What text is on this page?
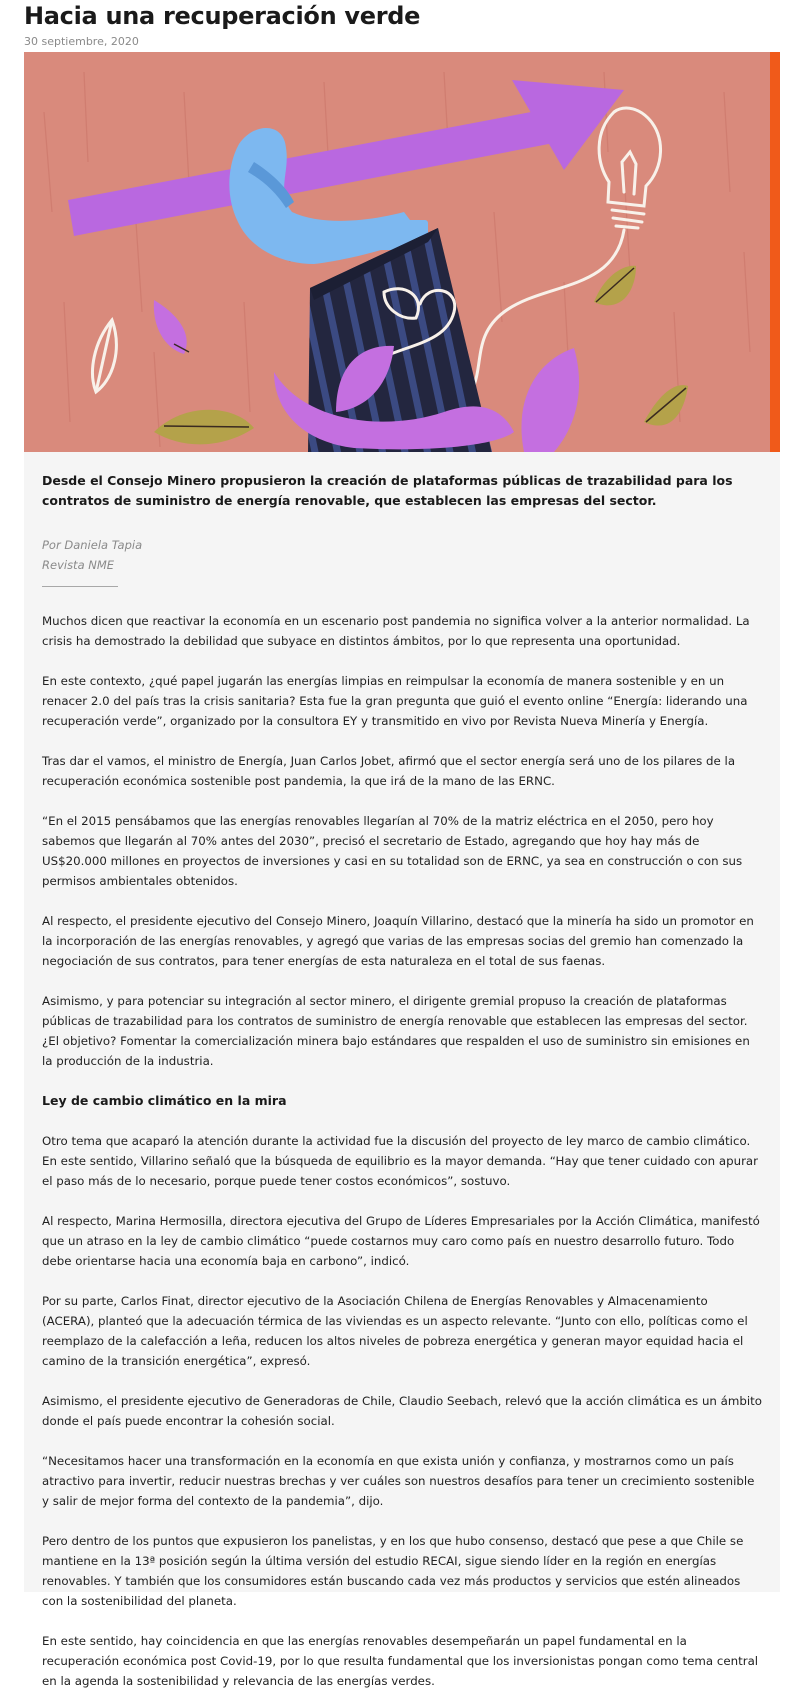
Hacia una recuperación verde
30 septiembre, 2020

Desde el Consejo Minero propusieron la creación de plataformas públicas de trazabilidad para los contratos de suministro de energía renovable, que establecen las empresas del sector.

Por Daniela Tapia
Revista NME

Muchos dicen que reactivar la economía en un escenario post pandemia no significa volver a la anterior normalidad. La crisis ha demostrado la debilidad que subyace en distintos ámbitos, por lo que representa una oportunidad.

En este contexto, ¿qué papel jugarán las energías limpias en reimpulsar la economía de manera sostenible y en un renacer 2.0 del país tras la crisis sanitaria? Esta fue la gran pregunta que guió el evento online “Energía: liderando una recuperación verde”, organizado por la consultora EY y transmitido en vivo por Revista Nueva Minería y Energía.

Tras dar el vamos, el ministro de Energía, Juan Carlos Jobet, afirmó que el sector energía será uno de los pilares de la recuperación económica sostenible post pandemia, la que irá de la mano de las ERNC.

“En el 2015 pensábamos que las energías renovables llegarían al 70% de la matriz eléctrica en el 2050, pero hoy sabemos que llegarán al 70% antes del 2030”, precisó el secretario de Estado, agregando que hoy hay más de US$20.000 millones en proyectos de inversiones y casi en su totalidad son de ERNC, ya sea en construcción o con sus permisos ambientales obtenidos.

Al respecto, el presidente ejecutivo del Consejo Minero, Joaquín Villarino, destacó que la minería ha sido un promotor en la incorporación de las energías renovables, y agregó que varias de las empresas socias del gremio han comenzado la negociación de sus contratos, para tener energías de esta naturaleza en el total de sus faenas.

Asimismo, y para potenciar su integración al sector minero, el dirigente gremial propuso la creación de plataformas públicas de trazabilidad para los contratos de suministro de energía renovable que establecen las empresas del sector. ¿El objetivo? Fomentar la comercialización minera bajo estándares que respalden el uso de suministro sin emisiones en la producción de la industria.

Ley de cambio climático en la mira

Otro tema que acaparó la atención durante la actividad fue la discusión del proyecto de ley marco de cambio climático. En este sentido, Villarino señaló que la búsqueda de equilibrio es la mayor demanda. “Hay que tener cuidado con apurar el paso más de lo necesario, porque puede tener costos económicos”, sostuvo.

Al respecto, Marina Hermosilla, directora ejecutiva del Grupo de Líderes Empresariales por la Acción Climática, manifestó que un atraso en la ley de cambio climático “puede costarnos muy caro como país en nuestro desarrollo futuro. Todo debe orientarse hacia una economía baja en carbono”, indicó.

Por su parte, Carlos Finat, director ejecutivo de la Asociación Chilena de Energías Renovables y Almacenamiento (ACERA), planteó que la adecuación térmica de las viviendas es un aspecto relevante. “Junto con ello, políticas como el reemplazo de la calefacción a leña, reducen los altos niveles de pobreza energética y generan mayor equidad hacia el camino de la transición energética”, expresó.

Asimismo, el presidente ejecutivo de Generadoras de Chile, Claudio Seebach, relevó que la acción climática es un ámbito donde el país puede encontrar la cohesión social.

“Necesitamos hacer una transformación en la economía en que exista unión y confianza, y mostrarnos como un país atractivo para invertir, reducir nuestras brechas y ver cuáles son nuestros desafíos para tener un crecimiento sostenible y salir de mejor forma del contexto de la pandemia”, dijo.

Pero dentro de los puntos que expusieron los panelistas, y en los que hubo consenso, destacó que pese a que Chile se mantiene en la 13ª posición según la última versión del estudio RECAI, sigue siendo líder en la región en energías renovables. Y también que los consumidores están buscando cada vez más productos y servicios que estén alineados con la sostenibilidad del planeta.

En este sentido, hay coincidencia en que las energías renovables desempeñarán un papel fundamental en la recuperación económica post Covid-19, por lo que resulta fundamental que los inversionistas pongan como tema central en la agenda la sostenibilidad y relevancia de las energías verdes.
